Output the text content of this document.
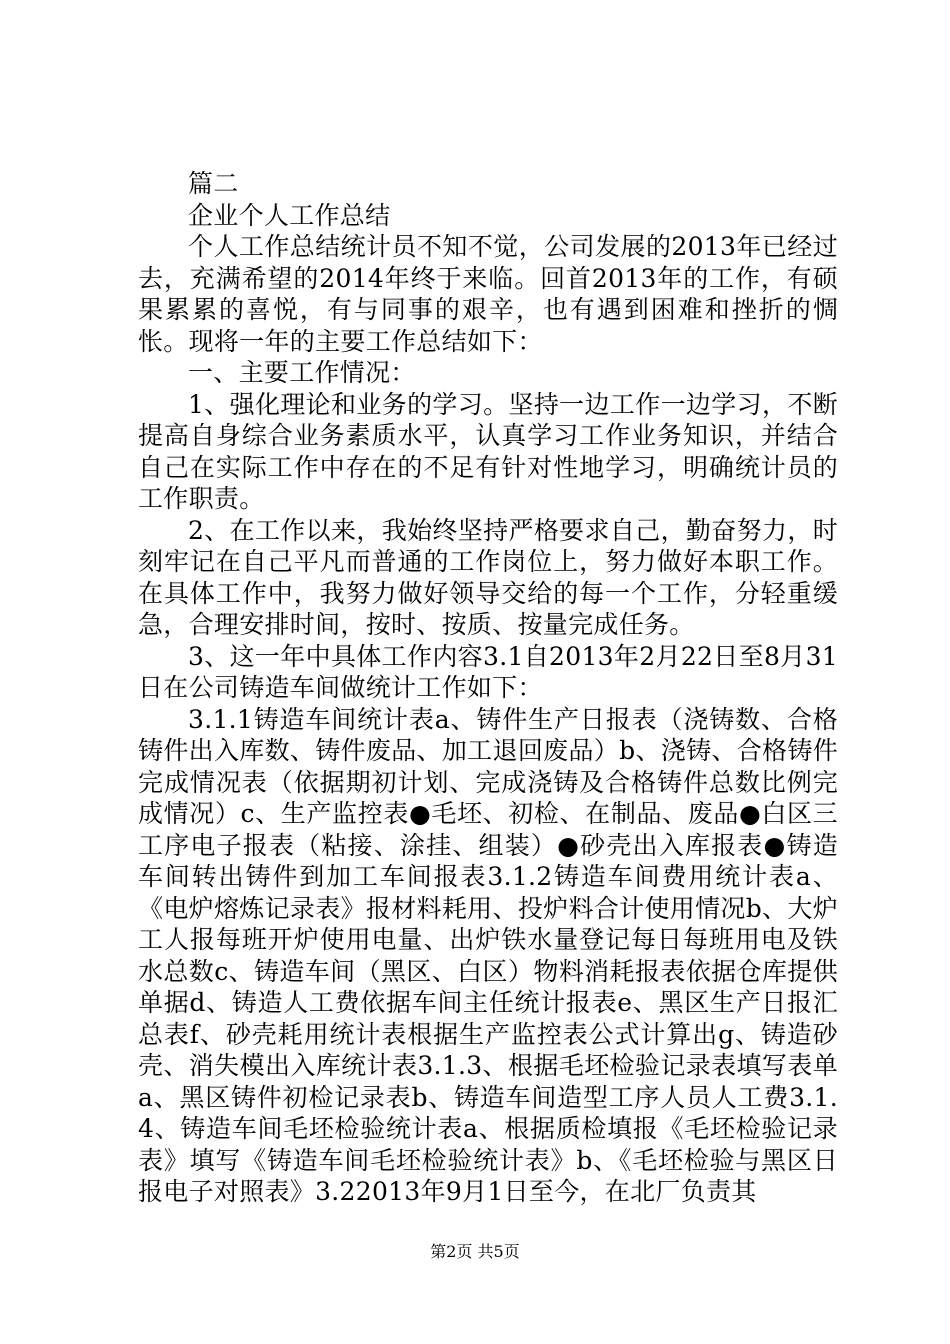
篇二

企业个人工作总结

个人工作总结统计员不知不觉，公司发展的2013年已经过去，充满希望的2014年终于来临。回首2013年的工作，有硕果累累的喜悦，有与同事的艰辛，也有遇到困难和挫折的惆怅。现将一年的主要工作总结如下：

一、主要工作情况：

1、强化理论和业务的学习。坚持一边工作一边学习，不断提高自身综合业务素质水平，认真学习工作业务知识，并结合自己在实际工作中存在的不足有针对性地学习，明确统计员的工作职责。

2、在工作以来，我始终坚持严格要求自己，勤奋努力，时刻牢记在自己平凡而普通的工作岗位上，努力做好本职工作。在具体工作中，我努力做好领导交给的每一个工作，分轻重缓急，合理安排时间，按时、按质、按量完成任务。

3、这一年中具体工作内容3.1自2013年2月22日至8月31日在公司铸造车间做统计工作如下：

3.1.1铸造车间统计表a、铸件生产日报表（浇铸数、合格铸件出入库数、铸件废品、加工退回废品）b、浇铸、合格铸件完成情况表（依据期初计划、完成浇铸及合格铸件总数比例完成情况）c、生产监控表●毛坯、初检、在制品、废品●白区三工序电子报表（粘接、涂挂、组装）●砂壳出入库报表●铸造车间转出铸件到加工车间报表3.1.2铸造车间费用统计表a、《电炉熔炼记录表》报材料耗用、投炉料合计使用情况b、大炉工人报每班开炉使用电量、出炉铁水量登记每日每班用电及铁水总数c、铸造车间（黑区、白区）物料消耗报表依据仓库提供单据d、铸造人工费依据车间主任统计报表e、黑区生产日报汇总表f、砂壳耗用统计表根据生产监控表公式计算出g、铸造砂壳、消失模出入库统计表3.1.3、根据毛坯检验记录表填写表单a、黑区铸件初检记录表b、铸造车间造型工序人员人工费3.1.4、铸造车间毛坯检验统计表a、根据质检填报《毛坯检验记录表》填写《铸造车间毛坯检验统计表》b、《毛坯检验与黑区日报电子对照表》3.22013年9月1日至今，在北厂负责其

第2页 共5页
